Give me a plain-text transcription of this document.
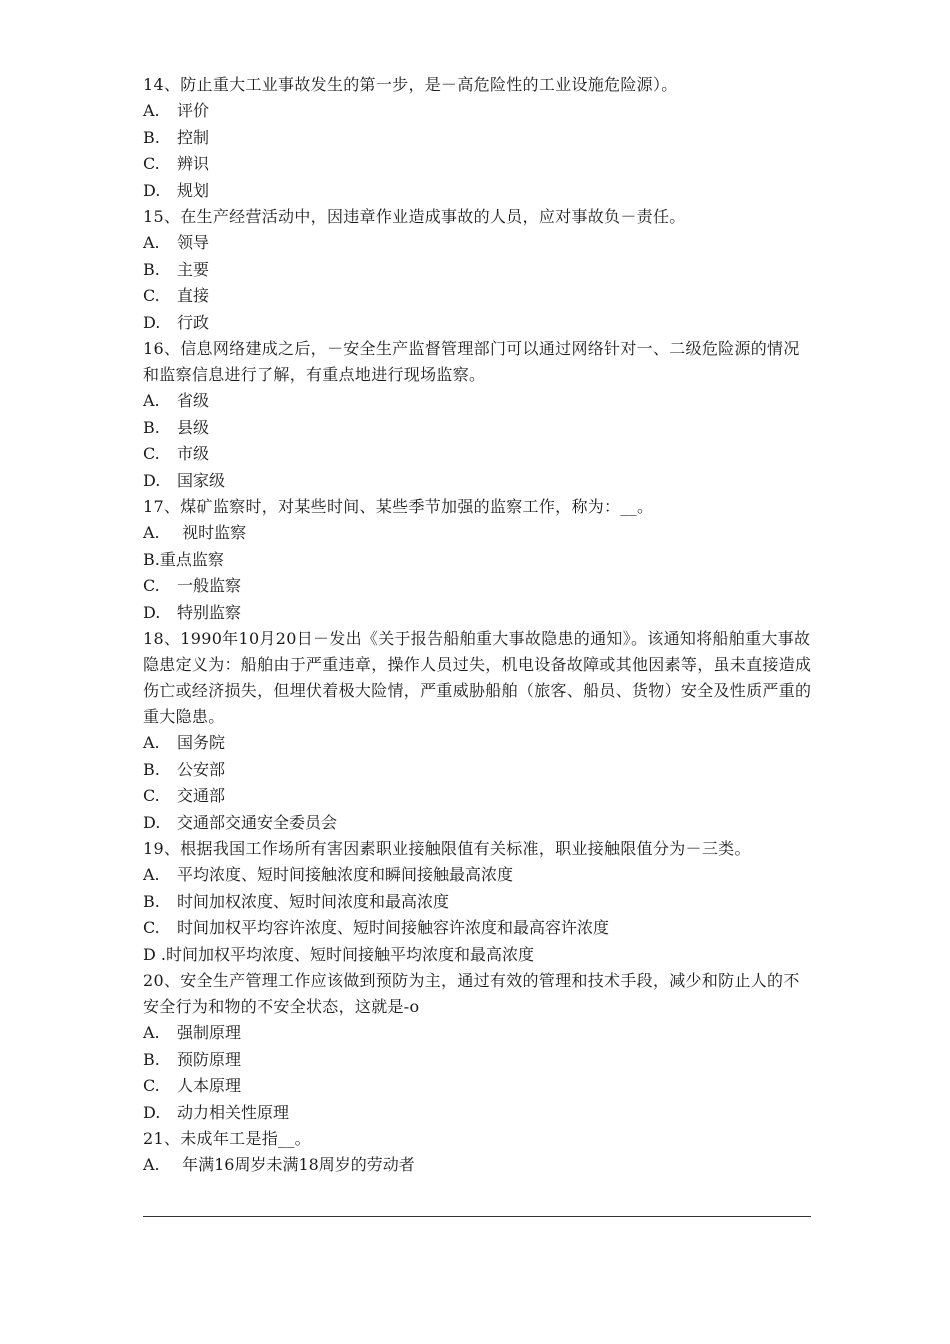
14、防止重大工业事故发生的第一步，是－高危险性的工业设施危险源）。

A. 评价

B. 控制

C. 辨识

D. 规划

15、在生产经营活动中，因违章作业造成事故的人员，应对事故负－责任。

A. 领导

B. 主要

C. 直接

D. 行政

16、信息网络建成之后，－安全生产监督管理部门可以通过网络针对一、二级危险源的情况和监察信息进行了解，有重点地进行现场监察。

A. 省级

B. 县级

C. 市级

D. 国家级

17、煤矿监察时，对某些时间、某些季节加强的监察工作，称为：__。

A. 视时监察

B.重点监察

C. 一般监察

D. 特别监察

18、1990年10月20日－发出《关于报告船舶重大事故隐患的通知》。该通知将船舶重大事故隐患定义为：船舶由于严重违章，操作人员过失，机电设备故障或其他因素等，虽未直接造成伤亡或经济损失，但埋伏着极大险情，严重威胁船舶（旅客、船员、货物）安全及性质严重的重大隐患。

A. 国务院

B. 公安部

C. 交通部

D. 交通部交通安全委员会

19、根据我国工作场所有害因素职业接触限值有关标准，职业接触限值分为－三类。

A. 平均浓度、短时间接触浓度和瞬间接触最高浓度

B. 时间加权浓度、短时间浓度和最高浓度

C. 时间加权平均容许浓度、短时间接触容许浓度和最高容许浓度

D .时间加权平均浓度、短时间接触平均浓度和最高浓度

20、安全生产管理工作应该做到预防为主，通过有效的管理和技术手段，减少和防止人的不安全行为和物的不安全状态，这就是-o

A. 强制原理

B. 预防原理

C. 人本原理

D. 动力相关性原理

21、未成年工是指__。

A. 年满16周岁未满18周岁的劳动者
